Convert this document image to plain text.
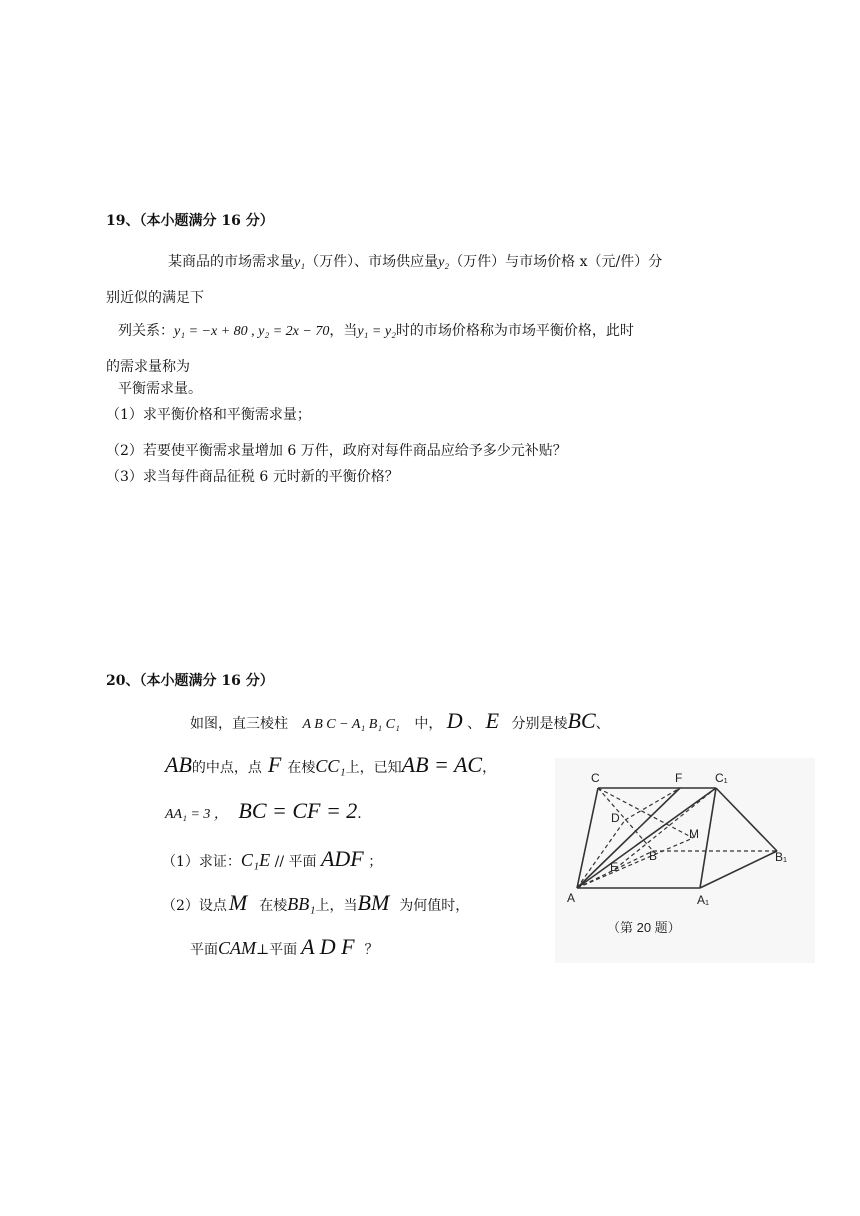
19、（本小题满分 16 分）
某商品的市场需求量y₁（万件）、市场供应量y₂（万件）与市场价格 x（元/件）分
别近似的满足下
列关系：y₁ = −x + 80 , y₂ = 2x − 70，当y₁ = y₂时的市场价格称为市场平衡价格，此时
的需求量称为
平衡需求量。
（1）求平衡价格和平衡需求量；
（2）若要使平衡需求量增加 6 万件，政府对每件商品应给予多少元补贴？
（3）求当每件商品征税 6 元时新的平衡价格？
20、（本小题满分 16 分）
如图，直三棱柱 A B C − A₁ B₁ C₁ 中， D 、 E 分别是棱BC、
AB的中点，点 F 在棱CC₁上，已知AB = AC，
AA₁ = 3 ， BC = CF = 2.
（1）求证：C₁E // 平面 ADF ；
（2）设点M 在棱BB₁上，当BM 为何值时，
平面CAM⊥平面 A D F ？
C	F	C₁
D
M
B
E
B₁
A	A₁
（第 20 题）
